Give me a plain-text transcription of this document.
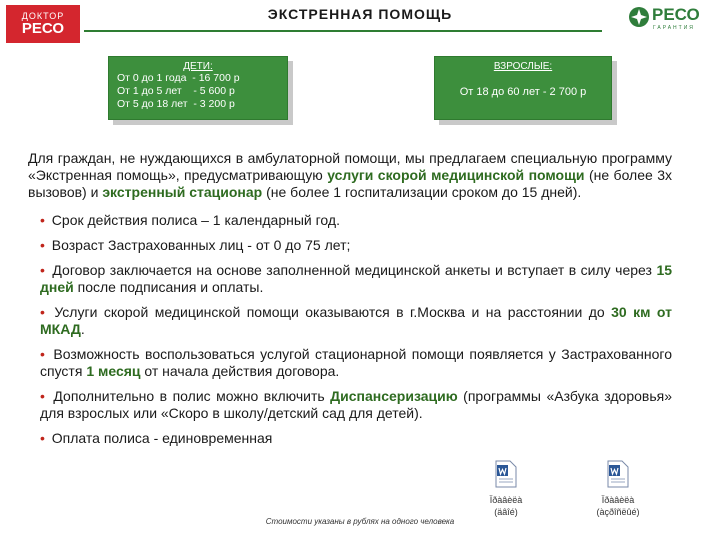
ДОКТОР
РЕСО
ЭКСТРЕННАЯ ПОМОЩЬ	РЕСО
ГАРАНТИЯ
ДЕТИ:
От 0 до 1 года  - 16 700 р
От 1 до 5 лет    - 5 600 р
От 5 до 18 лет  - 3 200 р
ВЗРОСЛЫЕ:
От 18 до 60 лет - 2 700 р
Для граждан, не нуждающихся в амбулаторной помощи, мы предлагаем специальную программу «Экстренная помощь», предусматривающую услуги скорой медицинской помощи (не более 3х вызовов) и экстренный стационар (не более 1 госпитализации сроком до 15 дней).
• Срок действия полиса – 1 календарный год.
• Возраст Застрахованных лиц - от 0 до 75 лет;
• Договор заключается на основе заполненной медицинской анкеты и вступает в силу через 15 дней после подписания и оплаты.
• Услуги скорой медицинской помощи оказываются в г.Москва и на расстоянии до 30 км от МКАД.
• Возможность воспользоваться услугой стационарной помощи появляется у Застрахованного спустя 1 месяц от начала действия договора.
• Дополнительно в полис можно включить Диспансеризацию (программы «Азбука здоровья» для взрослых или «Скоро в школу/детский сад для детей).
• Оплата полиса - единовременная
Ïðàâèëà
(äâîé)
Ïðàâèëà
(àçðîñëûé)
Стоимости указаны в рублях на одного человека
